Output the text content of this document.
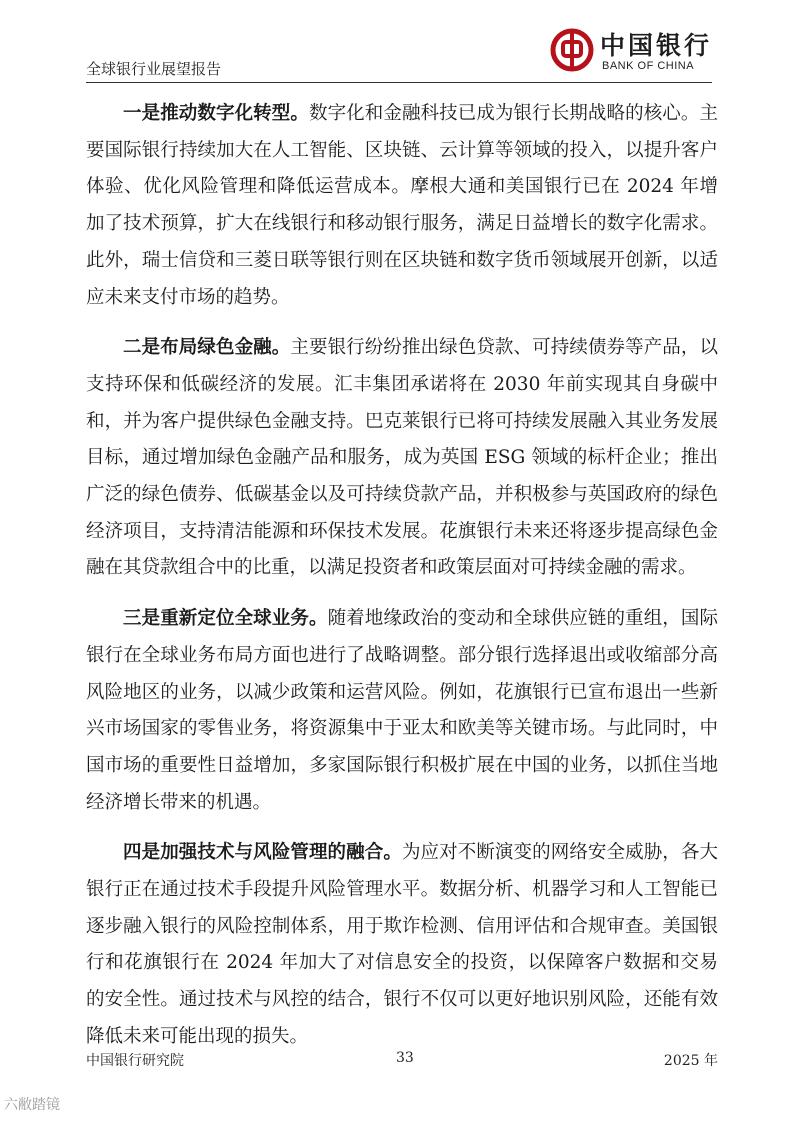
全球银行业展望报告
中国银行
BANK OF CHINA

一是推动数字化转型。数字化和金融科技已成为银行长期战略的核心。主要国际银行持续加大在人工智能、区块链、云计算等领域的投入，以提升客户体验、优化风险管理和降低运营成本。摩根大通和美国银行已在 2024 年增加了技术预算，扩大在线银行和移动银行服务，满足日益增长的数字化需求。此外，瑞士信贷和三菱日联等银行则在区块链和数字货币领域展开创新，以适应未来支付市场的趋势。

二是布局绿色金融。主要银行纷纷推出绿色贷款、可持续债券等产品，以支持环保和低碳经济的发展。汇丰集团承诺将在 2030 年前实现其自身碳中和，并为客户提供绿色金融支持。巴克莱银行已将可持续发展融入其业务发展目标，通过增加绿色金融产品和服务，成为英国 ESG 领域的标杆企业；推出广泛的绿色债券、低碳基金以及可持续贷款产品，并积极参与英国政府的绿色经济项目，支持清洁能源和环保技术发展。花旗银行未来还将逐步提高绿色金融在其贷款组合中的比重，以满足投资者和政策层面对可持续金融的需求。

三是重新定位全球业务。随着地缘政治的变动和全球供应链的重组，国际银行在全球业务布局方面也进行了战略调整。部分银行选择退出或收缩部分高风险地区的业务，以减少政策和运营风险。例如，花旗银行已宣布退出一些新兴市场国家的零售业务，将资源集中于亚太和欧美等关键市场。与此同时，中国市场的重要性日益增加，多家国际银行积极扩展在中国的业务，以抓住当地经济增长带来的机遇。

四是加强技术与风险管理的融合。为应对不断演变的网络安全威胁，各大银行正在通过技术手段提升风险管理水平。数据分析、机器学习和人工智能已逐步融入银行的风险控制体系，用于欺诈检测、信用评估和合规审查。美国银行和花旗银行在 2024 年加大了对信息安全的投资，以保障客户数据和交易的安全性。通过技术与风控的结合，银行不仅可以更好地识别风险，还能有效降低未来可能出现的损失。

中国银行研究院	33	2025 年
六敝踏镜
